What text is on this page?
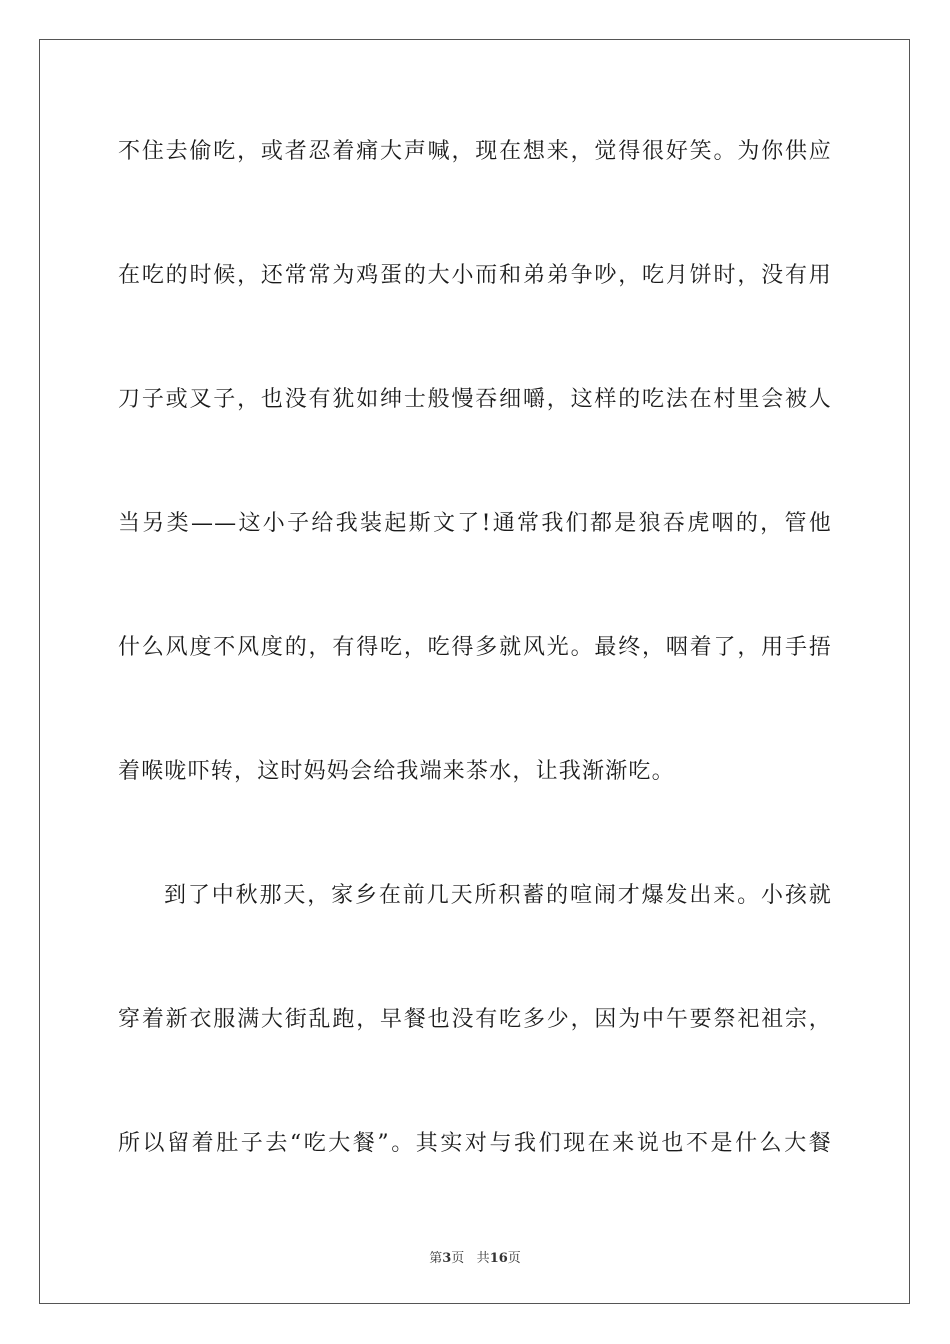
不住去偷吃，或者忍着痛大声喊，现在想来，觉得很好笑。为你供应
在吃的时候，还常常为鸡蛋的大小而和弟弟争吵，吃月饼时，没有用
刀子或叉子，也没有犹如绅士般慢吞细嚼，这样的吃法在村里会被人
当另类——这小子给我装起斯文了!通常我们都是狼吞虎咽的，管他
什么风度不风度的，有得吃，吃得多就风光。最终，咽着了，用手捂
着喉咙吓转，这时妈妈会给我端来茶水，让我渐渐吃。
到了中秋那天，家乡在前几天所积蓄的喧闹才爆发出来。小孩就
穿着新衣服满大街乱跑，早餐也没有吃多少，因为中午要祭祀祖宗，
所以留着肚子去“吃大餐”。其实对与我们现在来说也不是什么大餐
第3页 共16页
